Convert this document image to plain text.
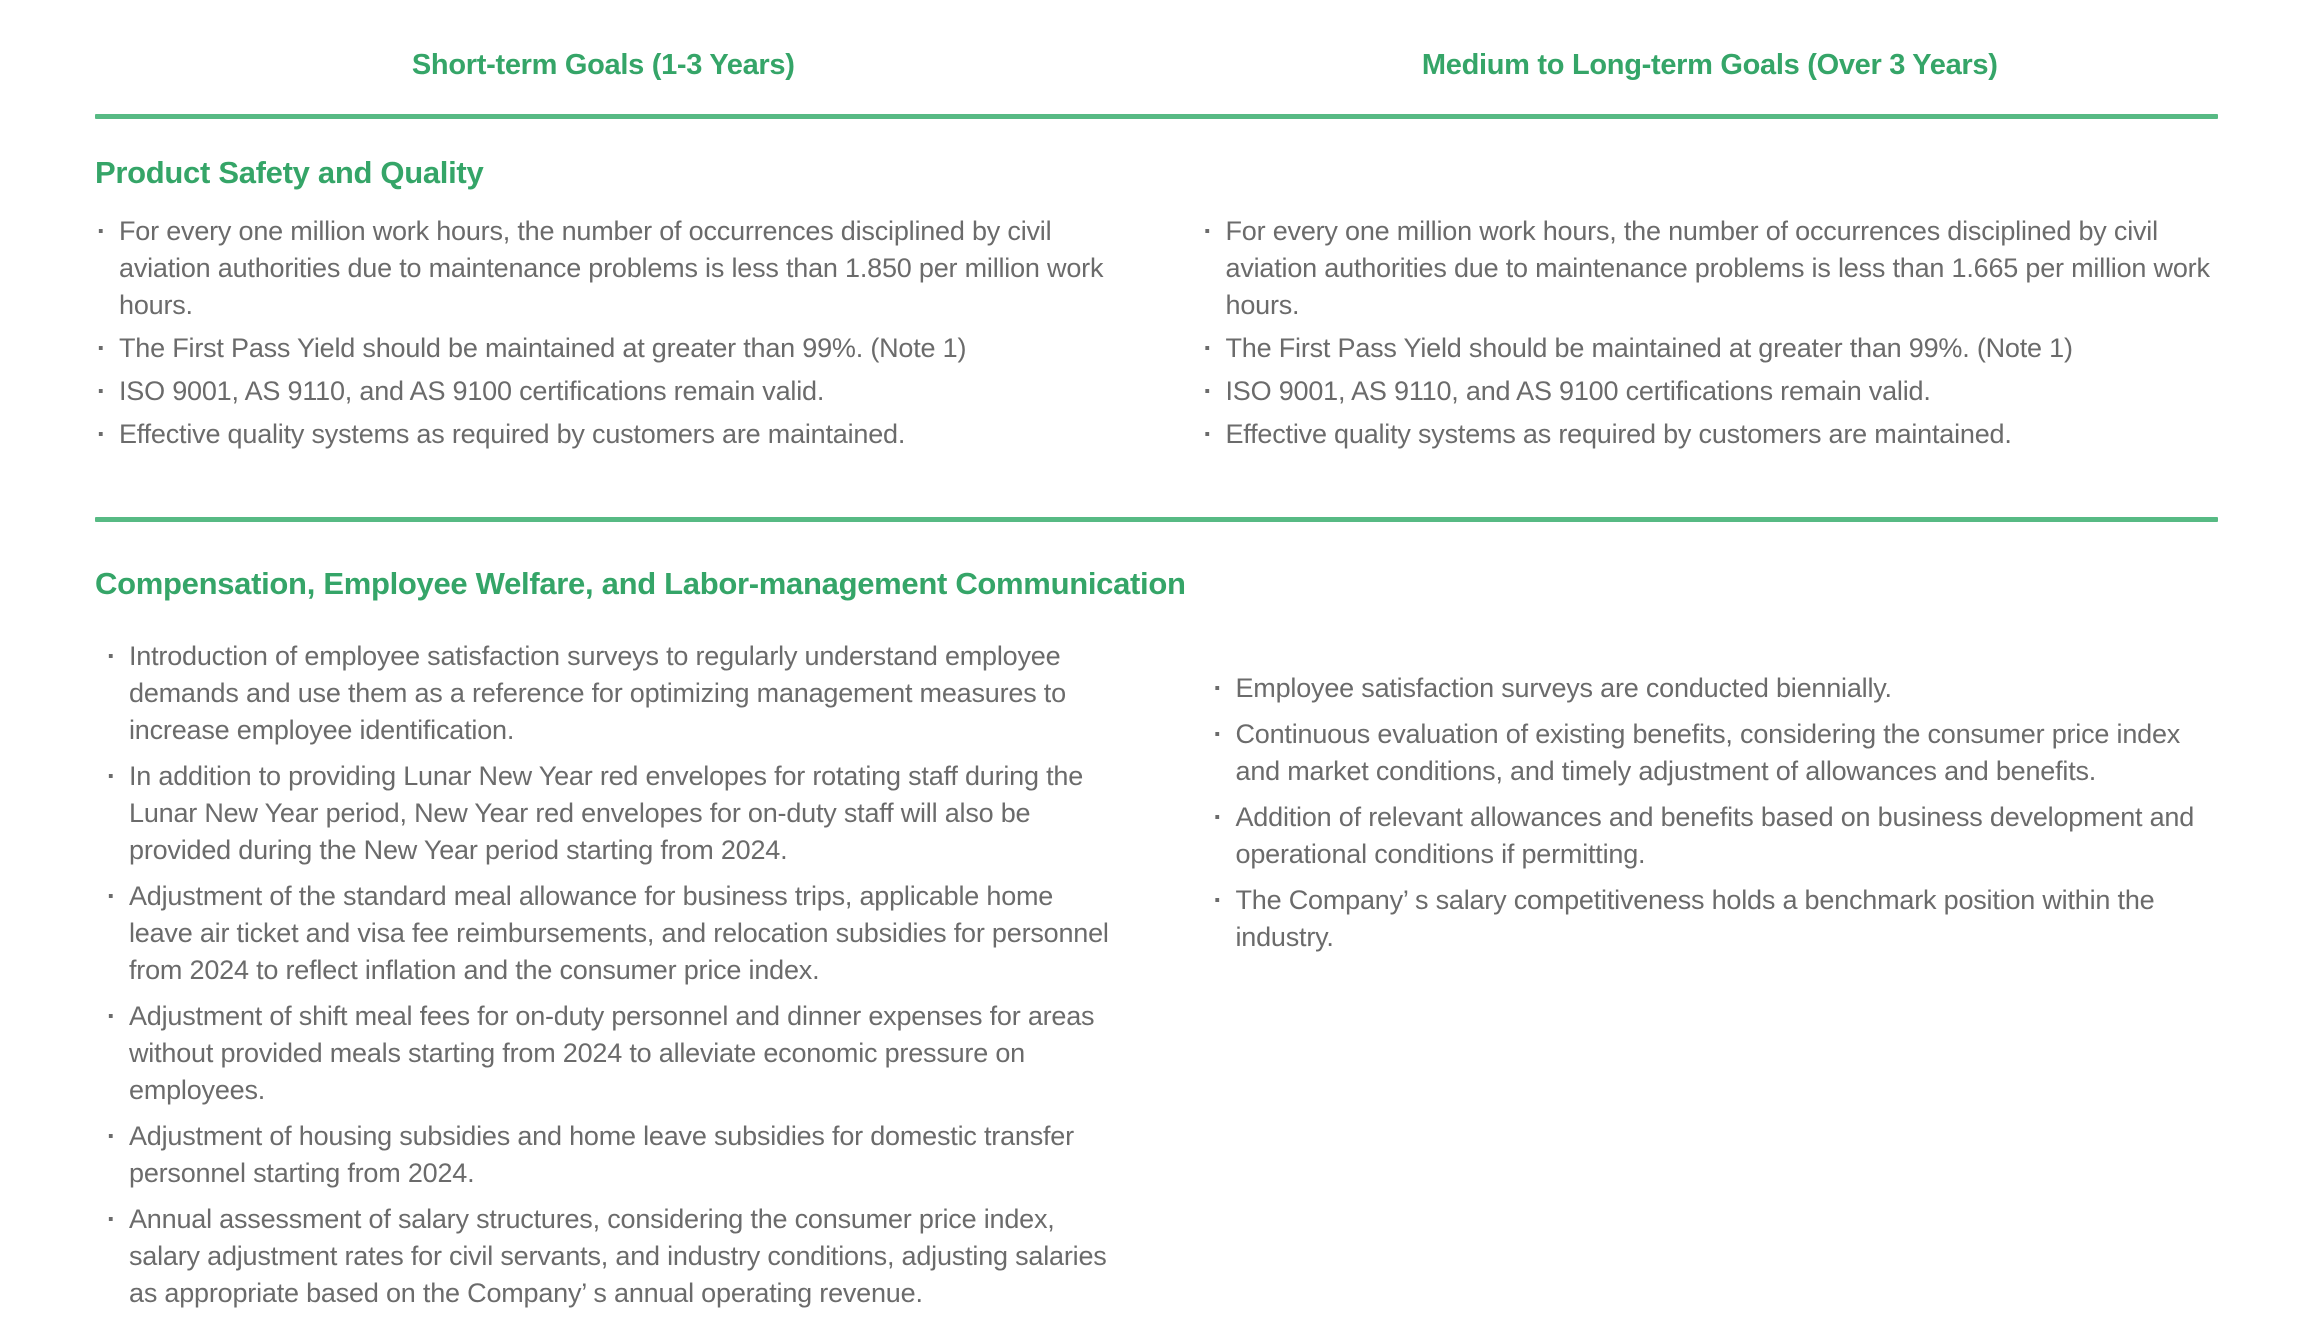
Short-term Goals (1-3 Years)	Medium to Long-term Goals (Over 3 Years)
Product Safety and Quality
· For every one million work hours, the number of occurrences disciplined by civil aviation authorities due to maintenance problems is less than 1.850 per million work hours.
· The First Pass Yield should be maintained at greater than 99%. (Note 1)
· ISO 9001, AS 9110, and AS 9100 certifications remain valid.
· Effective quality systems as required by customers are maintained.
· For every one million work hours, the number of occurrences disciplined by civil aviation authorities due to maintenance problems is less than 1.665 per million work hours.
· The First Pass Yield should be maintained at greater than 99%. (Note 1)
· ISO 9001, AS 9110, and AS 9100 certifications remain valid.
· Effective quality systems as required by customers are maintained.
Compensation, Employee Welfare, and Labor-management Communication
· Introduction of employee satisfaction surveys to regularly understand employee demands and use them as a reference for optimizing management measures to increase employee identification.
· In addition to providing Lunar New Year red envelopes for rotating staff during the Lunar New Year period, New Year red envelopes for on-duty staff will also be provided during the New Year period starting from 2024.
· Adjustment of the standard meal allowance for business trips, applicable home leave air ticket and visa fee reimbursements, and relocation subsidies for personnel from 2024 to reflect inflation and the consumer price index.
· Adjustment of shift meal fees for on-duty personnel and dinner expenses for areas without provided meals starting from 2024 to alleviate economic pressure on employees.
· Adjustment of housing subsidies and home leave subsidies for domestic transfer personnel starting from 2024.
· Annual assessment of salary structures, considering the consumer price index, salary adjustment rates for civil servants, and industry conditions, adjusting salaries as appropriate based on the Company’ s annual operating revenue.
· Employee satisfaction surveys are conducted biennially.
· Continuous evaluation of existing benefits, considering the consumer price index and market conditions, and timely adjustment of allowances and benefits.
· Addition of relevant allowances and benefits based on business development and operational conditions if permitting.
· The Company’ s salary competitiveness holds a benchmark position within the industry.
